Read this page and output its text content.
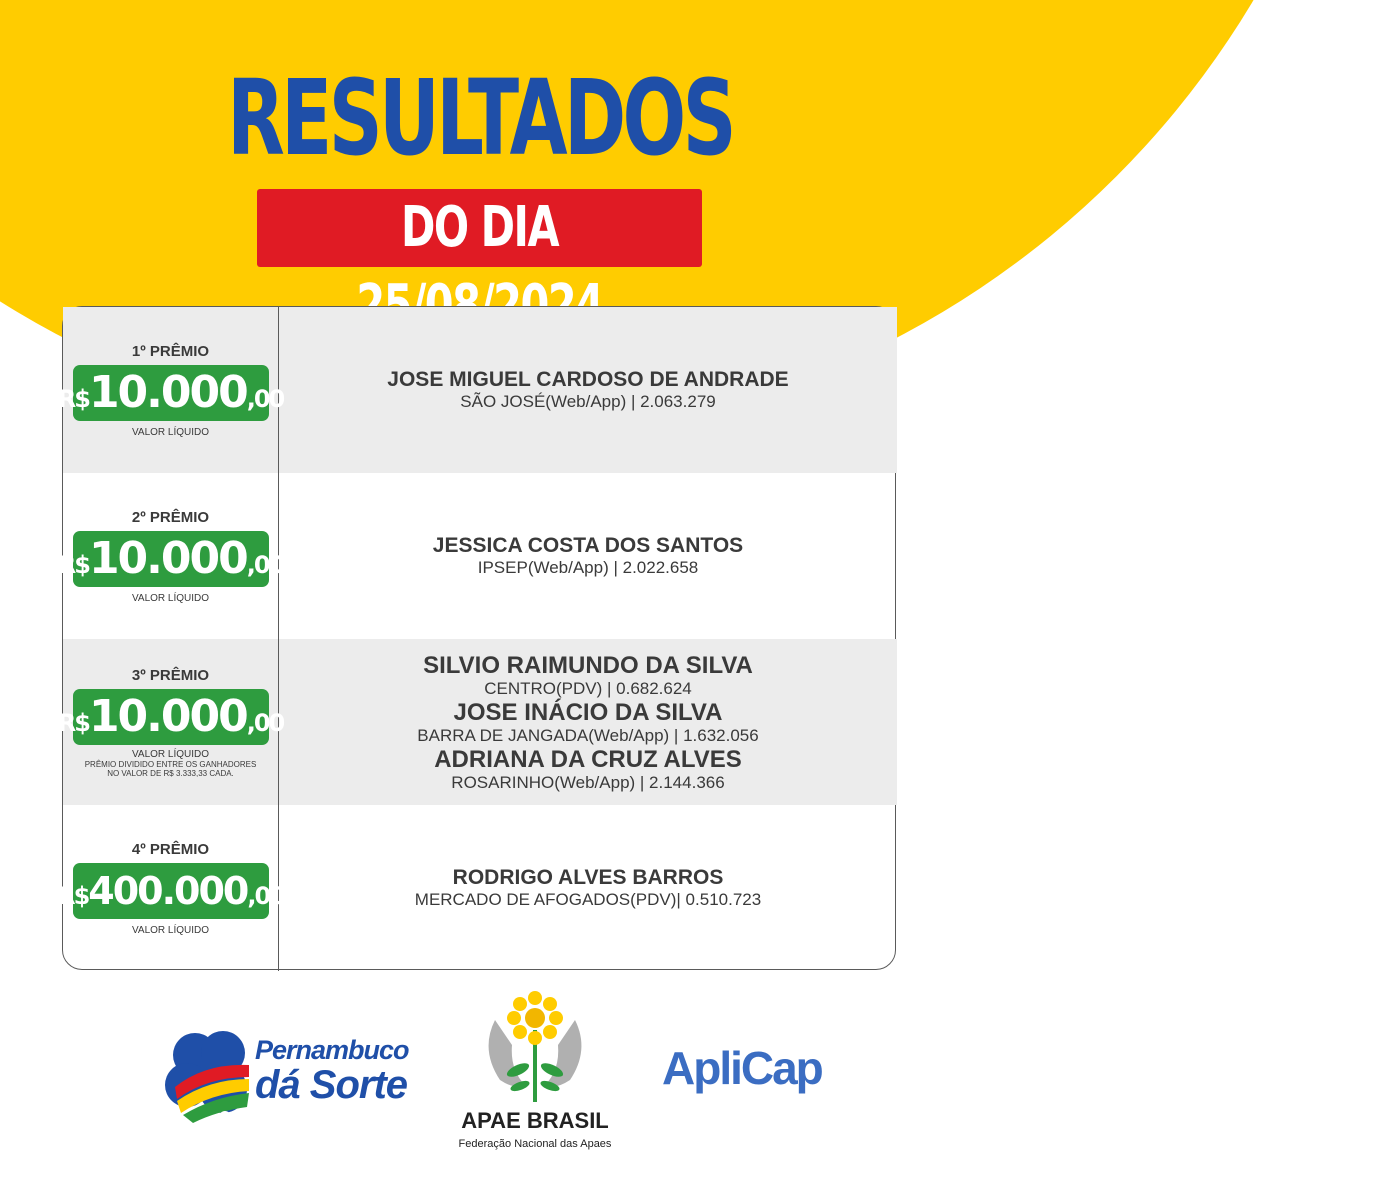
RESULTADOS
DO DIA
1º PRÊMIO
R$ 10.000 ,00
VALOR LÍQUIDO
JOSE MIGUEL CARDOSO DE ANDRADE
SÃO JOSÉ(Web/App) | 2.063.279
2º PRÊMIO
R$ 10.000 ,00
VALOR LÍQUIDO
JESSICA COSTA DOS SANTOS
IPSEP(Web/App) | 2.022.658
3º PRÊMIO
R$ 10.000 ,00
VALOR LÍQUIDO
PRÊMIO DIVIDIDO ENTRE OS GANHADORES
NO VALOR DE R$ 3.333,33 CADA.
SILVIO RAIMUNDO DA SILVA
CENTRO(PDV) | 0.682.624
JOSE INÁCIO DA SILVA
BARRA DE JANGADA(Web/App) | 1.632.056
ADRIANA DA CRUZ ALVES
ROSARINHO(Web/App) | 2.144.366
4º PRÊMIO
R$ 400.000 ,00
VALOR LÍQUIDO
RODRIGO ALVES BARROS
MERCADO DE AFOGADOS(PDV)| 0.510.723
Pernambuco
dá Sorte
APAE BRASIL
Federação Nacional das Apaes
ApliCap
